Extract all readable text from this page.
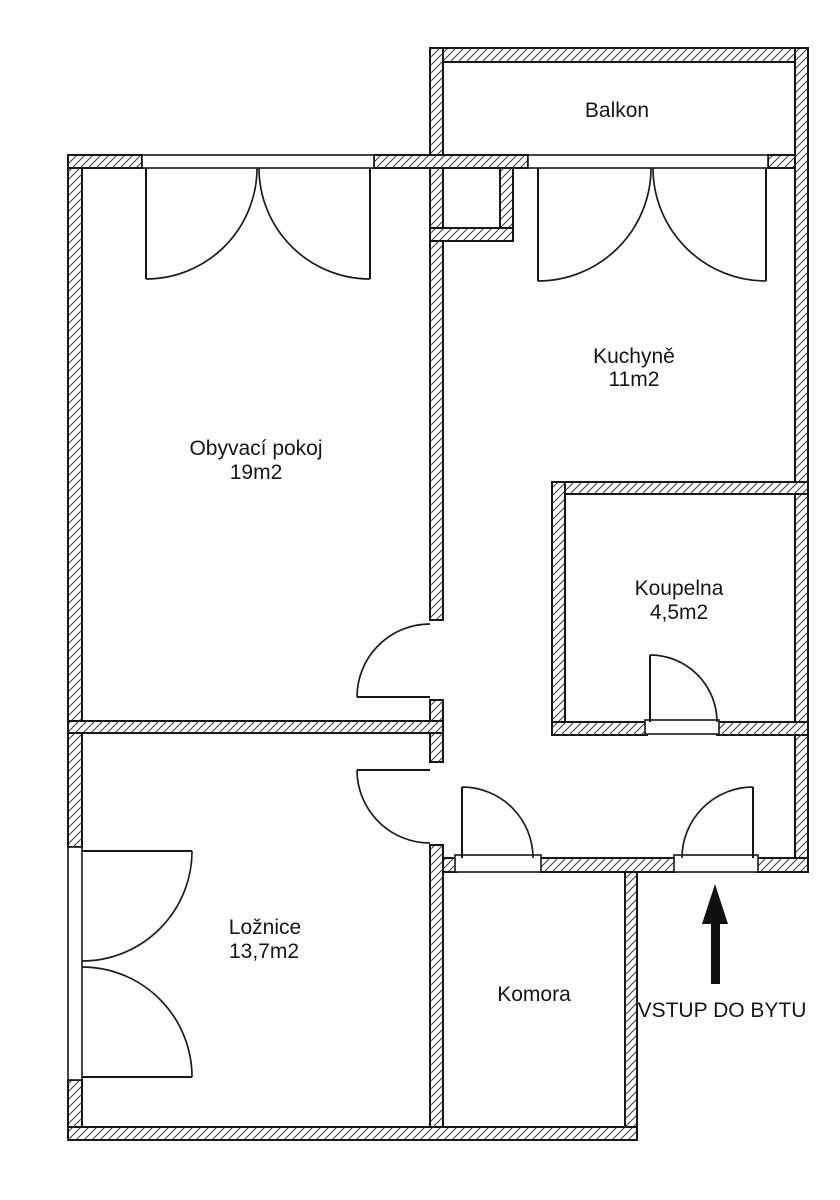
Balkon
Obyvací pokoj
19m2
Kuchyně
11m2
Koupelna
4,5m2
Ložnice
13,7m2
Komora
VSTUP DO BYTU
